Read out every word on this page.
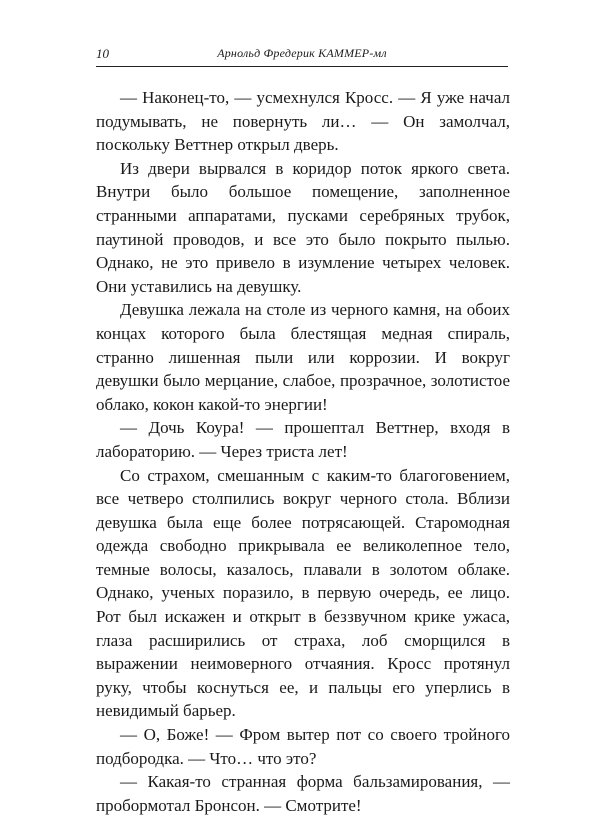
10	Арнольд Фредерик КАММЕР-мл

— Наконец-то, — усмехнулся Кросс. — Я уже начал подумывать, не повернуть ли… — Он замолчал, поскольку Веттнер открыл дверь.

Из двери вырвался в коридор поток яркого света. Внутри было большое помещение, заполненное странными аппаратами, пусками серебряных трубок, паутиной проводов, и все это было покрыто пылью. Однако, не это привело в изумление четырех человек. Они уставились на девушку.

Девушка лежала на столе из черного камня, на обоих концах которого была блестящая медная спираль, странно лишенная пыли или коррозии. И вокруг девушки было мерцание, слабое, прозрачное, золотистое облако, кокон какой-то энергии!

— Дочь Коура! — прошептал Веттнер, входя в лабораторию. — Через триста лет!

Со страхом, смешанным с каким-то благоговением, все четверо столпились вокруг черного стола. Вблизи девушка была еще более потрясающей. Старомодная одежда свободно прикрывала ее великолепное тело, темные волосы, казалось, плавали в золотом облаке. Однако, ученых поразило, в первую очередь, ее лицо. Рот был искажен и открыт в беззвучном крике ужаса, глаза расширились от страха, лоб сморщился в выражении неимоверного отчаяния. Кросс протянул руку, чтобы коснуться ее, и пальцы его уперлись в невидимый барьер.

— О, Боже! — Фром вытер пот со своего тройного подбородка. — Что… что это?

— Какая-то странная форма бальзамирования, — пробормотал Бронсон. — Смотрите!
